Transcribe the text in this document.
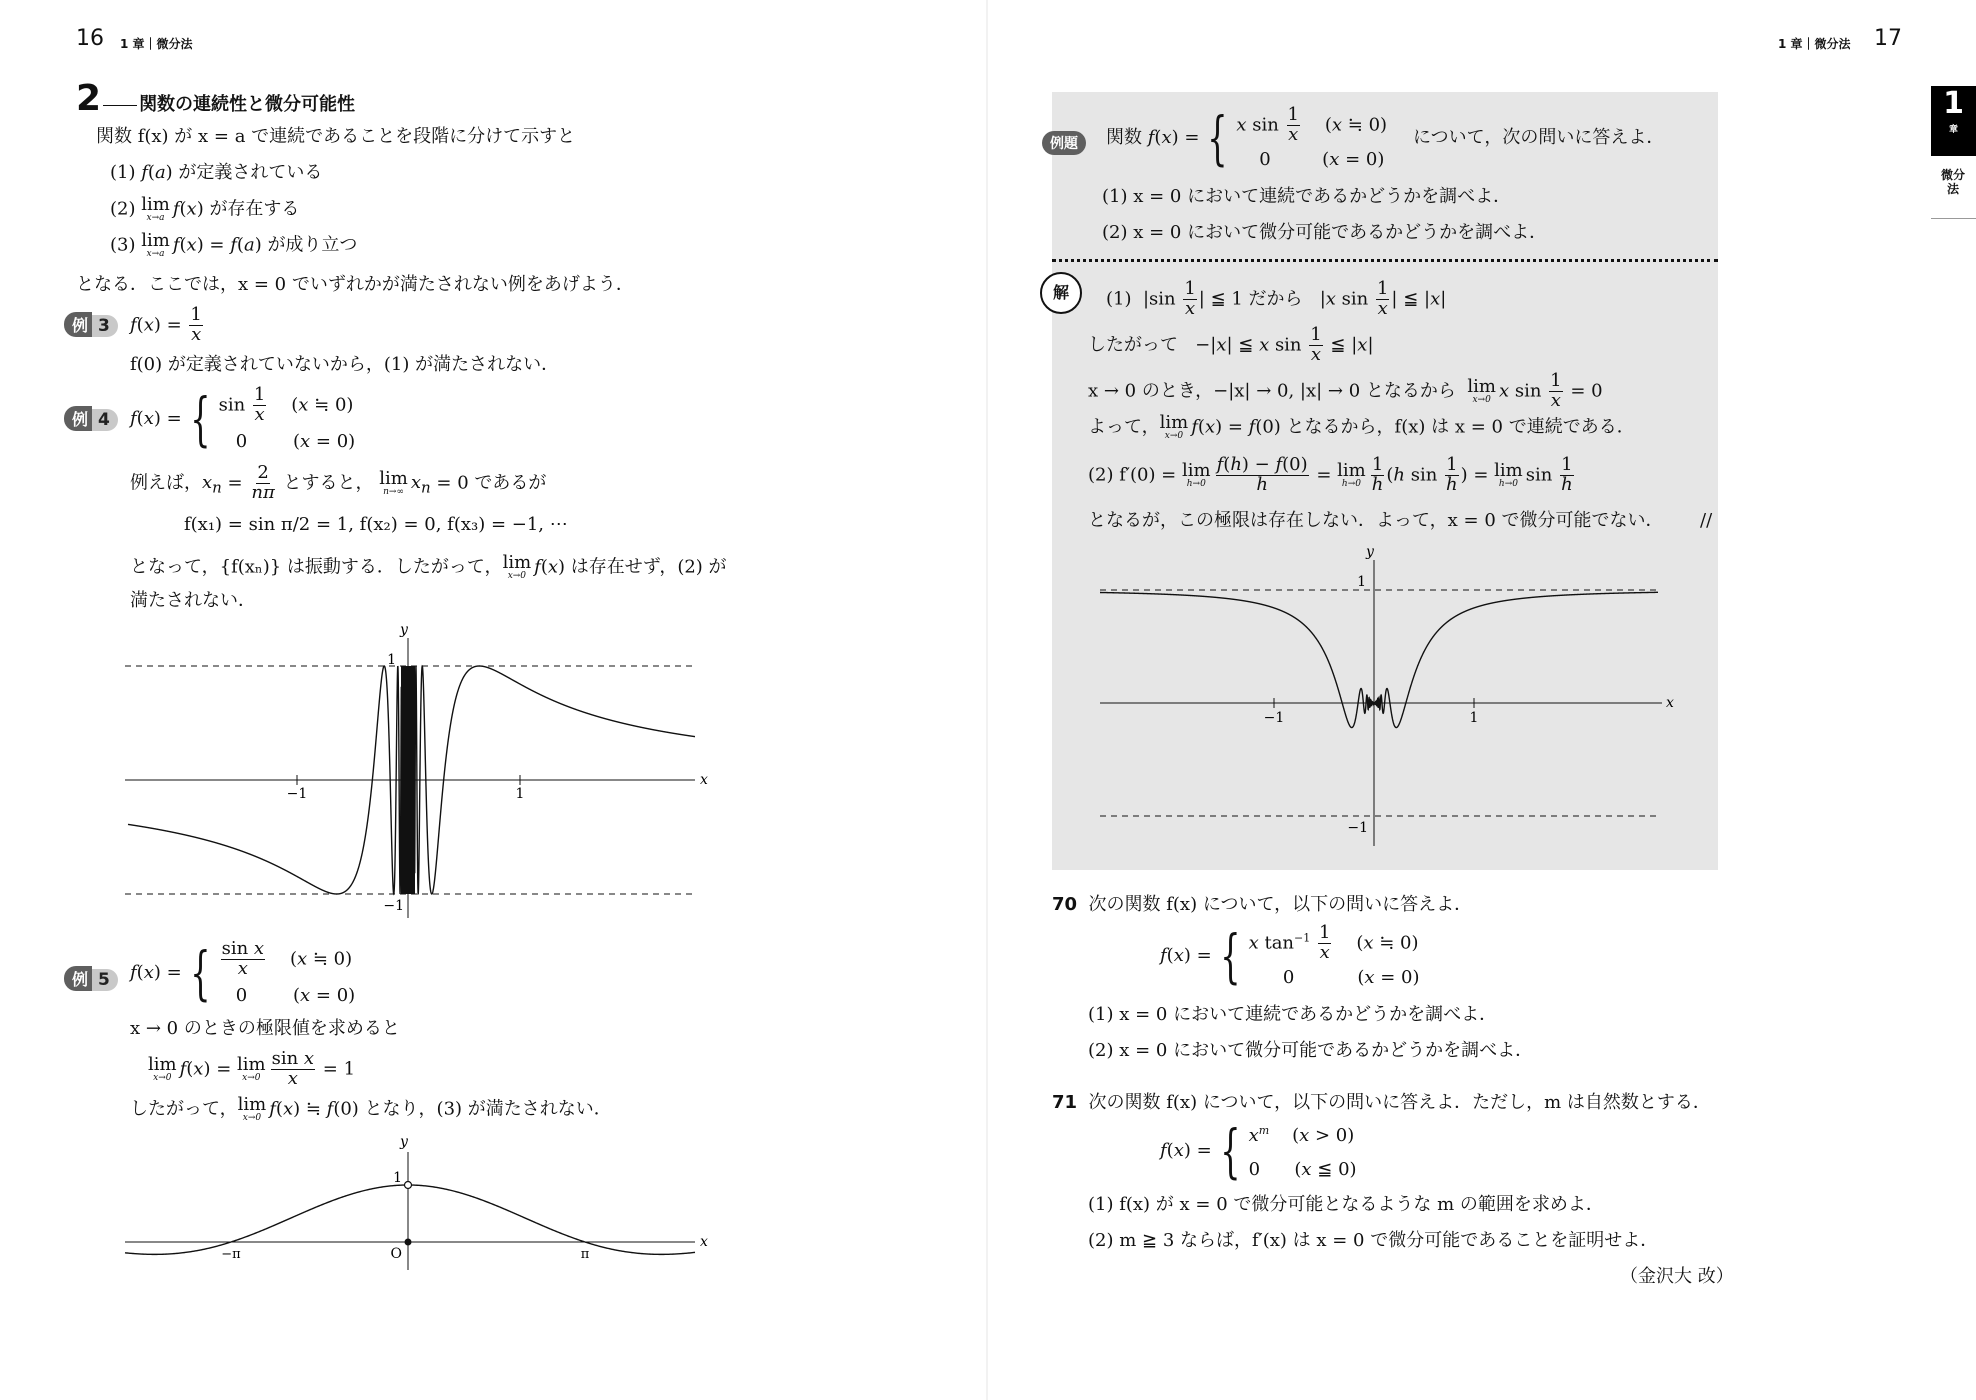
16 1 章｜微分法
2 関数の連続性と微分可能性
関数 f(x) が x = a で連続であることを段階に分けて示すと
(1) f(a) が定義されている
(2) lim
x→a f(x) が存在する
(3) lim
x→a f(x) = f(a) が成り立つ
となる．ここでは，x = 0 でいずれかが満たされない例をあげよう．
例 3	$f(x) = \frac{1}{x}$
f(0) が定義されていないから，(1) が満たされない．
例 4	f(x) = { $\sin \frac{1}{x} (x$ ≒ 0)
0        (x = 0)
例えば，$x_n = \frac{2}{n\pi}$ とすると， lim
n→∞ $x_n = 0$ であるが
f(x₁) = sin π/2 = 1, f(x₂) = 0, f(x₃) = −1, ⋯
となって，{f(xₙ)} は振動する．したがって， lim
x→0 f(x) は存在せず，(2) が
満たされない．
y
x
1
−1
−1	1
例 5	f(x) = { $\frac{\text{sin x}}{x} (x$ ≒ 0)
0        (x = 0)
x → 0 のときの極限値を求めると
lim
x→0 f(x) = lim
$x\to 0 \frac{\text{sin x}}{x} = 1$
したがって， lim
x→0 f(x) ≒ f(0) となり，(3) が満たされない．
y
x
1
O
−π	π
1 章｜微分法 17
1
章
微分法
例題	関数 f(x) = { x $\sin \frac{1}{x} (x$ ≒ 0)
0         (x = 0)
について，次の問いに答えよ．
(1) x = 0 において連続であるかどうかを調べよ．
(2) x = 0 において微分可能であるかどうかを調べよ．
解	(1)  $|\sin \frac{1}{x}$ | ≦ 1 だから   |x $\sin \frac{1}{x}$ | ≦ |x|
したがって   −|x| ≦ x $\sin \frac{1}{x}$ ≦ |x|
x → 0 のとき，−|x| → 0, |x| → 0 となるから lim
x→0 x $\sin \frac{1}{x} = 0$
よって， lim
x→0 f(x) = f(0) となるから，f(x) は x = 0 で連続である．
(2) f′(0) = lim
$h\to 0 \frac{f(h) - f(0)}{h} = \lim$
$h\to 0 \frac{1}{h} (h$ $\sin \frac{1}{h}$ ) = lim
h→0 $\sin \frac{1}{h}$
となるが，この極限は存在しない．よって，x = 0 で微分可能でない． //
y
x
1
−1
−1	1
70 次の関数 f(x) について，以下の問いに答えよ．
f(x) = { x $\tan^{-1} \frac{1}{x} (x$ ≒ 0)
0           (x = 0)
(1) x = 0 において連続であるかどうかを調べよ．
(2) x = 0 において微分可能であるかどうかを調べよ．
71 次の関数 f(x) について，以下の問いに答えよ．ただし，m は自然数とする．
f(x) = { $x^m$    (x > 0)
0      (x ≦ 0)
(1) f(x) が x = 0 で微分可能となるような m の範囲を求めよ．
(2) m ≧ 3 ならば，f′(x) は x = 0 で微分可能であることを証明せよ．
（金沢大 改）
